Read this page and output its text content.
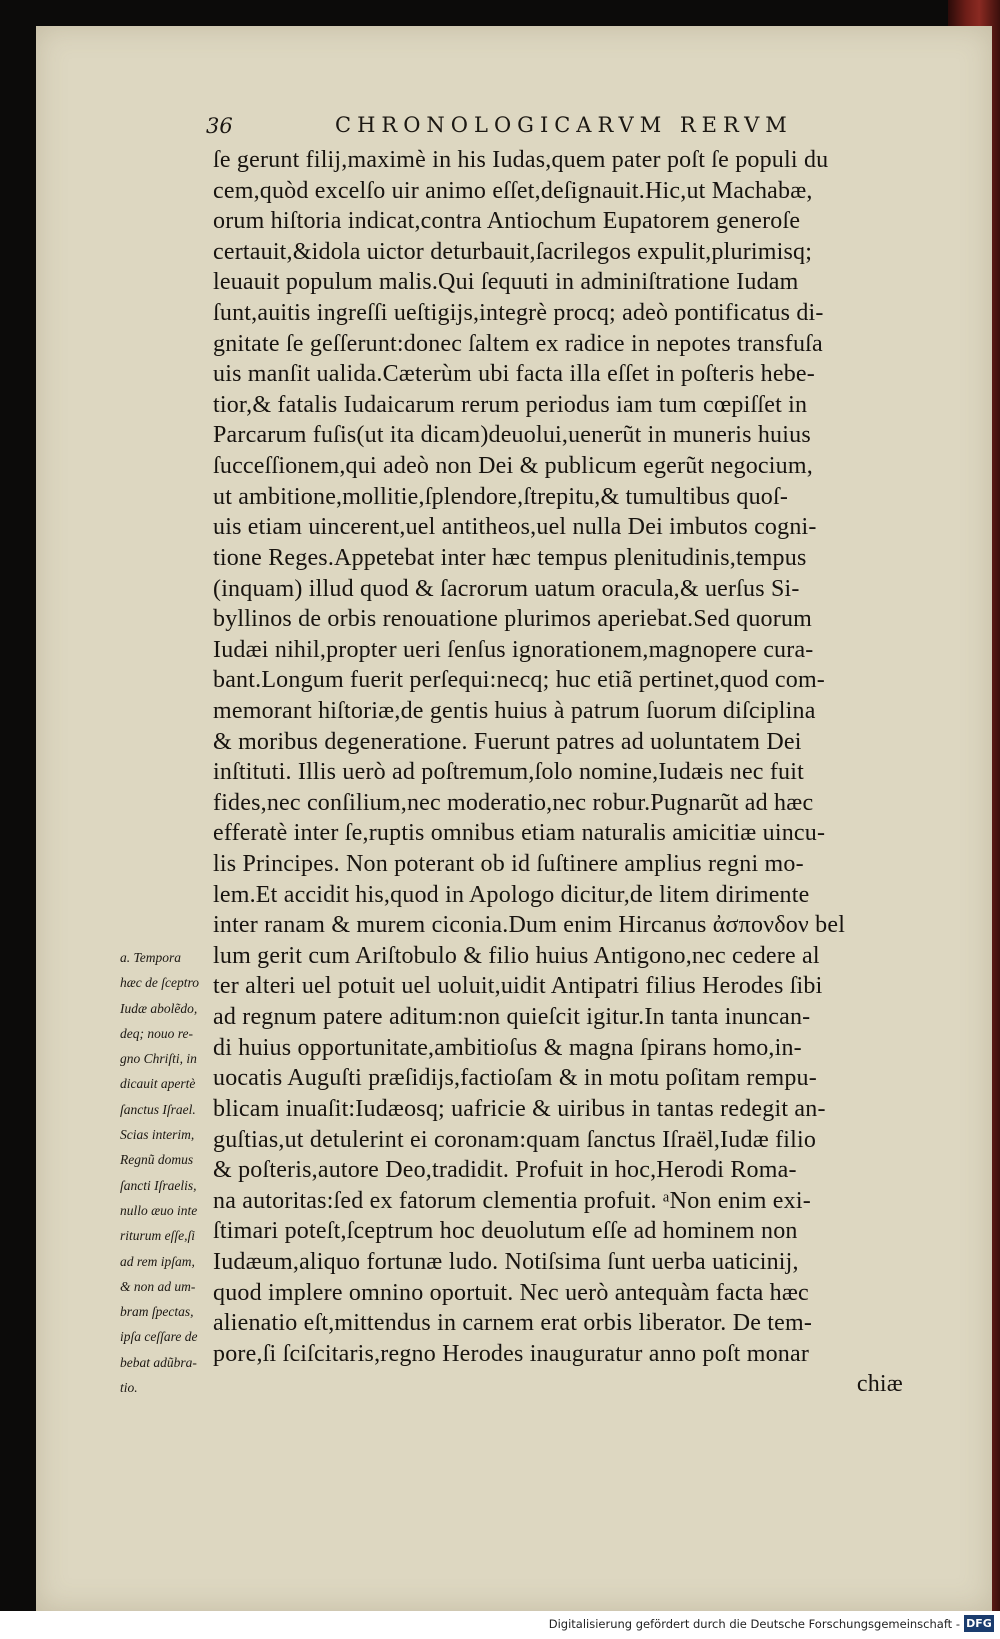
36	CHRONOLOGICARVM RERVM
ſe gerunt filij,maximè in his Iudas,quem pater poſt ſe populi du
cem,quòd excelſo uir animo eſſet,deſignauit.Hic,ut Machabæ,
orum hiſtoria indicat,contra Antiochum Eupatorem generoſe
certauit,&idola uictor deturbauit,ſacrilegos expulit,plurimisq;
leuauit populum malis.Qui ſequuti in adminiſtratione Iudam
ſunt,auitis ingreſſi ueſtigijs,integrè procq; adeò pontificatus di-
gnitate ſe geſſerunt:donec ſaltem ex radice in nepotes transfuſa
uis manſit ualida.Cæterùm ubi facta illa eſſet in poſteris hebe-
tior,& fatalis Iudaicarum rerum periodus iam tum cœpiſſet in
Parcarum fuſis(ut ita dicam)deuolui,uenerũt in muneris huius
ſucceſſionem,qui adeò non Dei & publicum egerũt negocium,
ut ambitione,mollitie,ſplendore,ſtrepitu,& tumultibus quoſ-
uis etiam uincerent,uel antitheos,uel nulla Dei imbutos cogni-
tione Reges.Appetebat inter hæc tempus plenitudinis,tempus
(inquam) illud quod & ſacrorum uatum oracula,& uerſus Si-
byllinos de orbis renouatione plurimos aperiebat.Sed quorum
Iudæi nihil,propter ueri ſenſus ignorationem,magnopere cura-
bant.Longum fuerit perſequi:necq; huc etiã pertinet,quod com-
memorant hiſtoriæ,de gentis huius à patrum ſuorum diſciplina
& moribus degeneratione. Fuerunt patres ad uoluntatem Dei
inſtituti. Illis uerò ad poſtremum,ſolo nomine,Iudæis nec fuit
fides,nec conſilium,nec moderatio,nec robur.Pugnarũt ad hæc
efferatè inter ſe,ruptis omnibus etiam naturalis amicitiæ uincu-
lis Principes. Non poterant ob id ſuſtinere amplius regni mo-
lem.Et accidit his,quod in Apologo dicitur,de litem dirimente
inter ranam & murem ciconia.Dum enim Hircanus ἀσπονδον bel
lum gerit cum Ariſtobulo & filio huius Antigono,nec cedere al
ter alteri uel potuit uel uoluit,uidit Antipatri filius Herodes ſibi
ad regnum patere aditum:non quieſcit igitur.In tanta inuncan-
di huius opportunitate,ambitioſus & magna ſpirans homo,in-
uocatis Auguſti præſidijs,factioſam & in motu poſitam rempu-
blicam inuaſit:Iudæosq; uafricie & uiribus in tantas redegit an-
guſtias,ut detulerint ei coronam:quam ſanctus Iſraël,Iudæ filio
& poſteris,autore Deo,tradidit. Profuit in hoc,Herodi Roma-
na autoritas:ſed ex fatorum clementia profuit. ᵃNon enim exi-
ſtimari poteſt,ſceptrum hoc deuolutum eſſe ad hominem non
Iudæum,aliquo fortunæ ludo. Notiſsima ſunt uerba uaticinij,
quod implere omnino oportuit. Nec uerò antequàm facta hæc
alienatio eſt,mittendus in carnem erat orbis liberator. De tem-
pore,ſi ſciſcitaris,regno Herodes inauguratur anno poſt monar
chiæ
a. Tempora
hæc de ſceptro
Iudæ abolẽdo,
deq; nouo re-
gno Chriſti, in
dicauit apertè
ſanctus Iſrael.
Scias interim,
Regnũ domus
ſancti Iſraelis,
nullo æuo inte
riturum eſſe,ſi
ad rem ipſam,
& non ad um-
bram ſpectas,
ipſa ceſſare de
bebat adũbra-
tio.
Digitalisierung gefördert durch die Deutsche Forschungsgemeinschaft - DFG
